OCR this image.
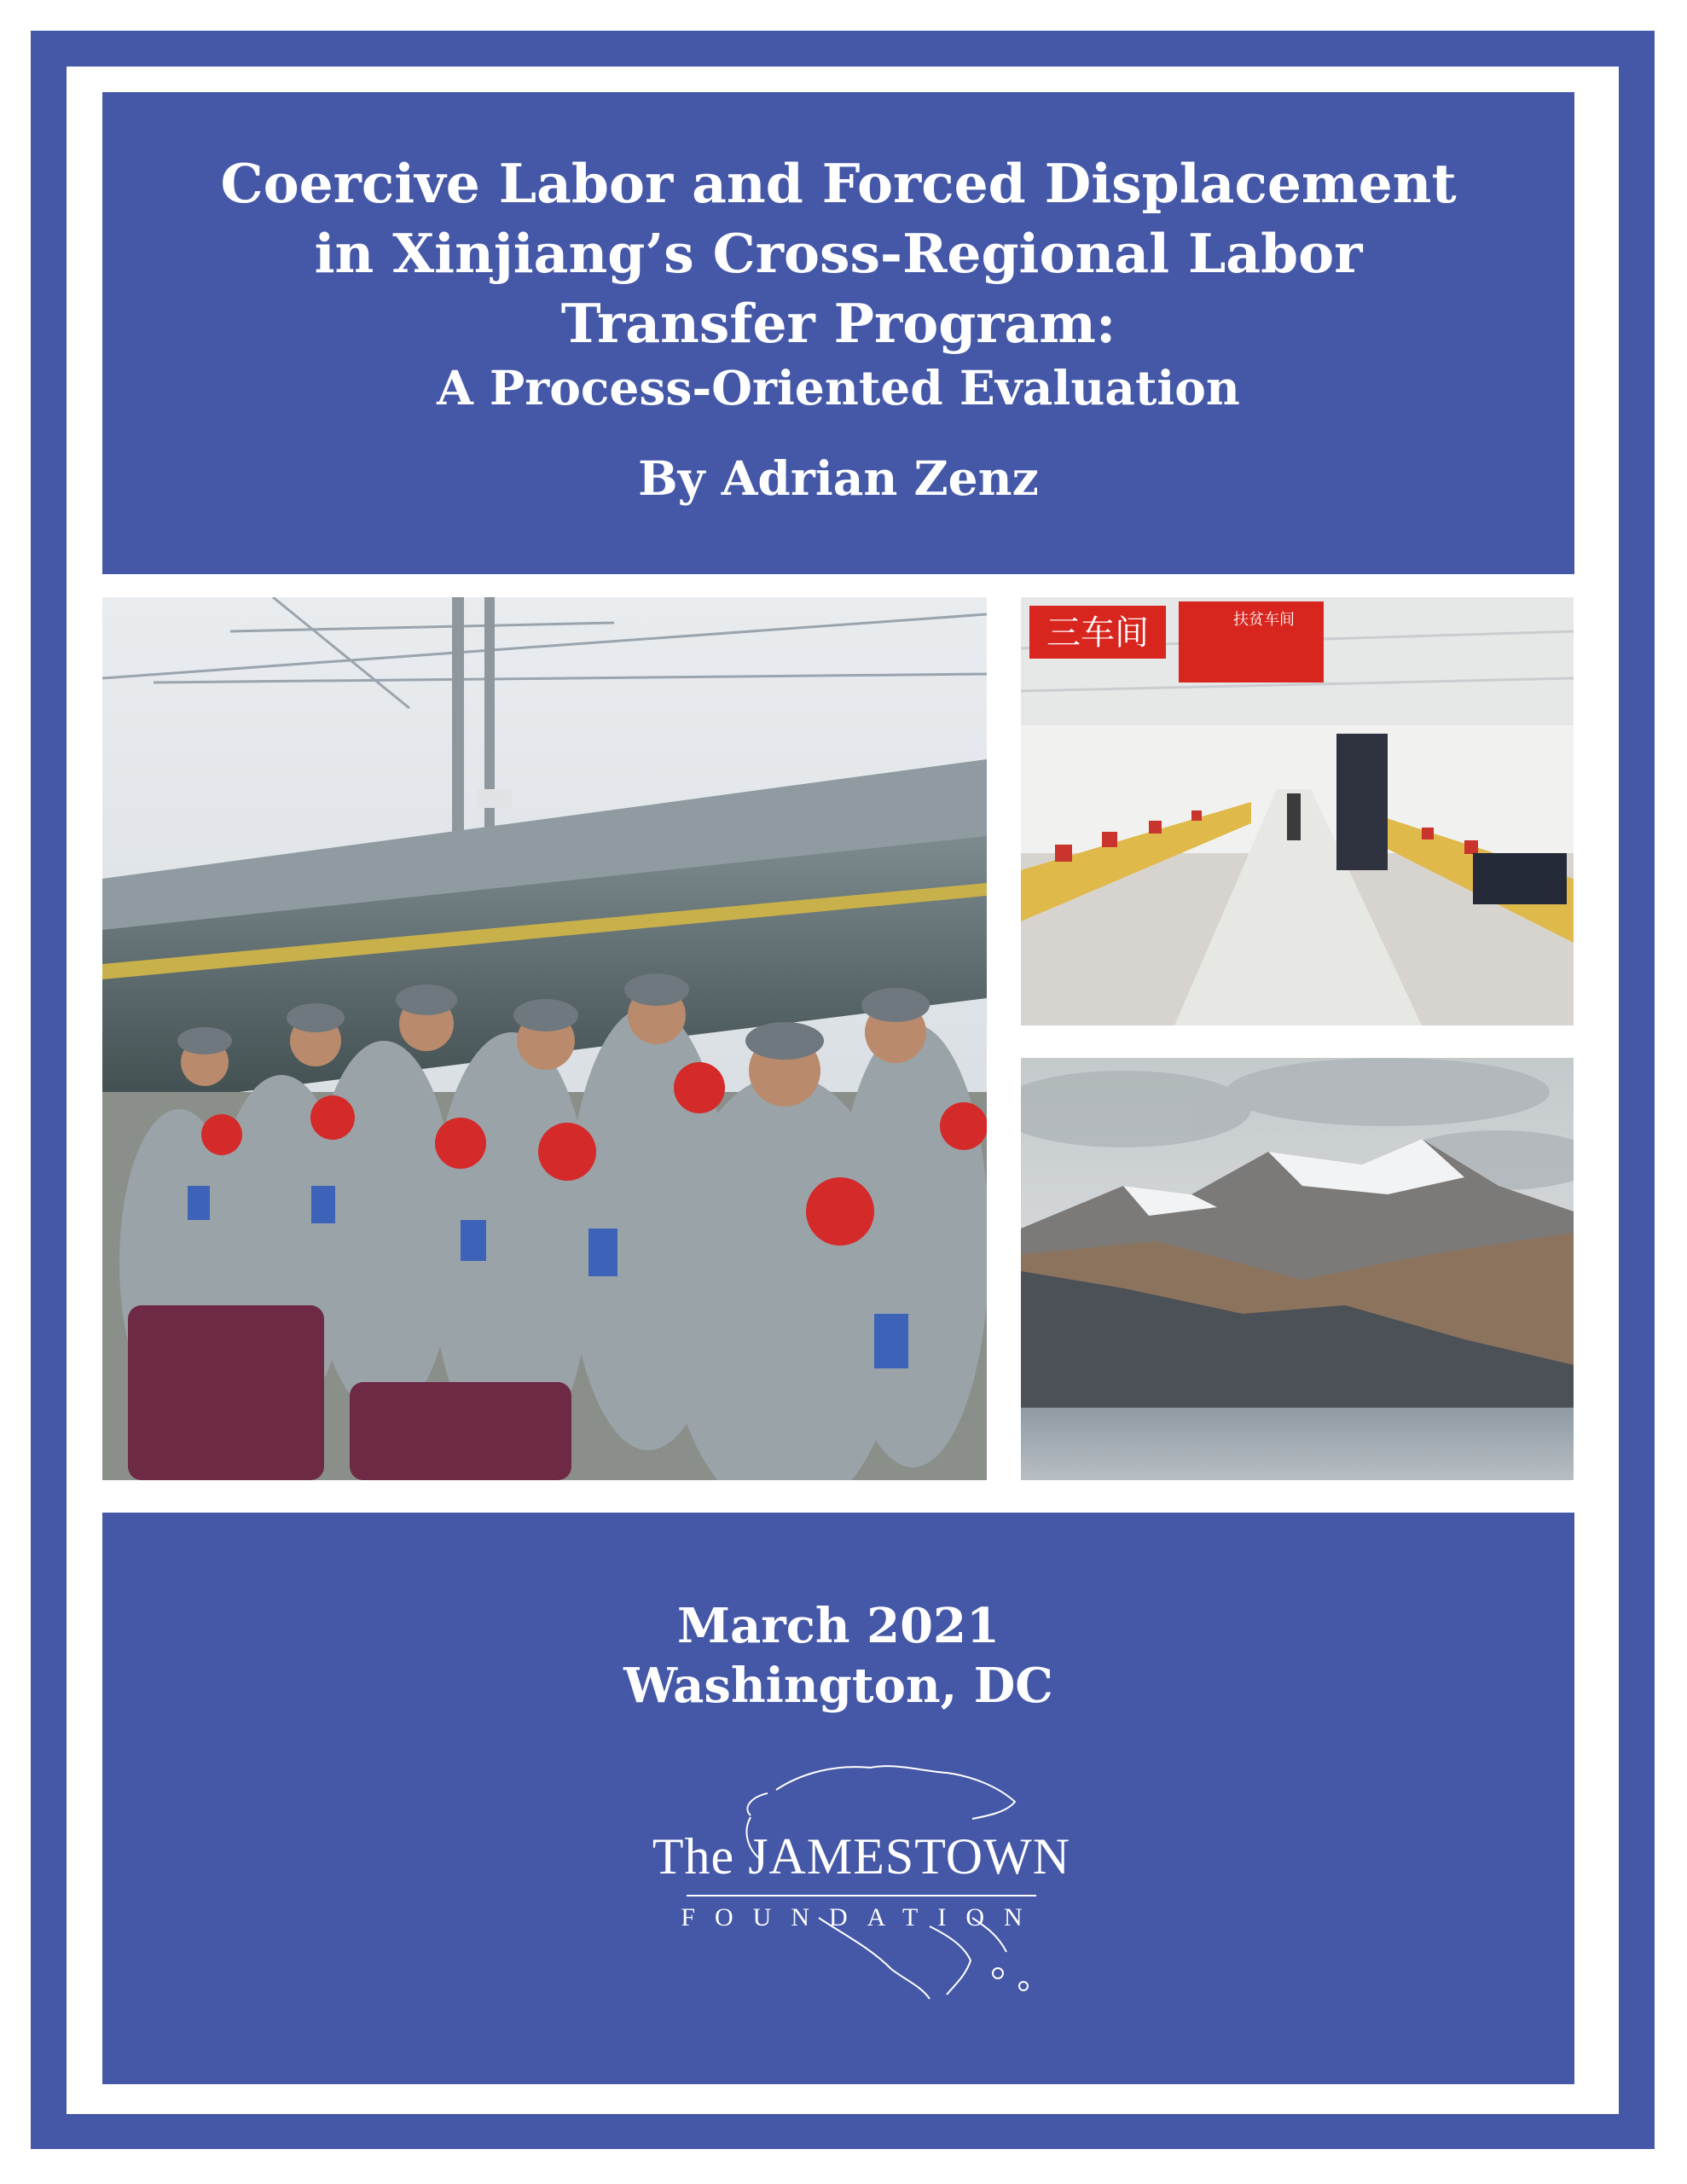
Coercive Labor and Forced Displacement
in Xinjiang’s Cross-Regional Labor
Transfer Program:
A Process-Oriented Evaluation
By Adrian Zenz
三车间	扶贫车间
March 2021
Washington, DC
The JAMESTOWN
FOUNDATION
